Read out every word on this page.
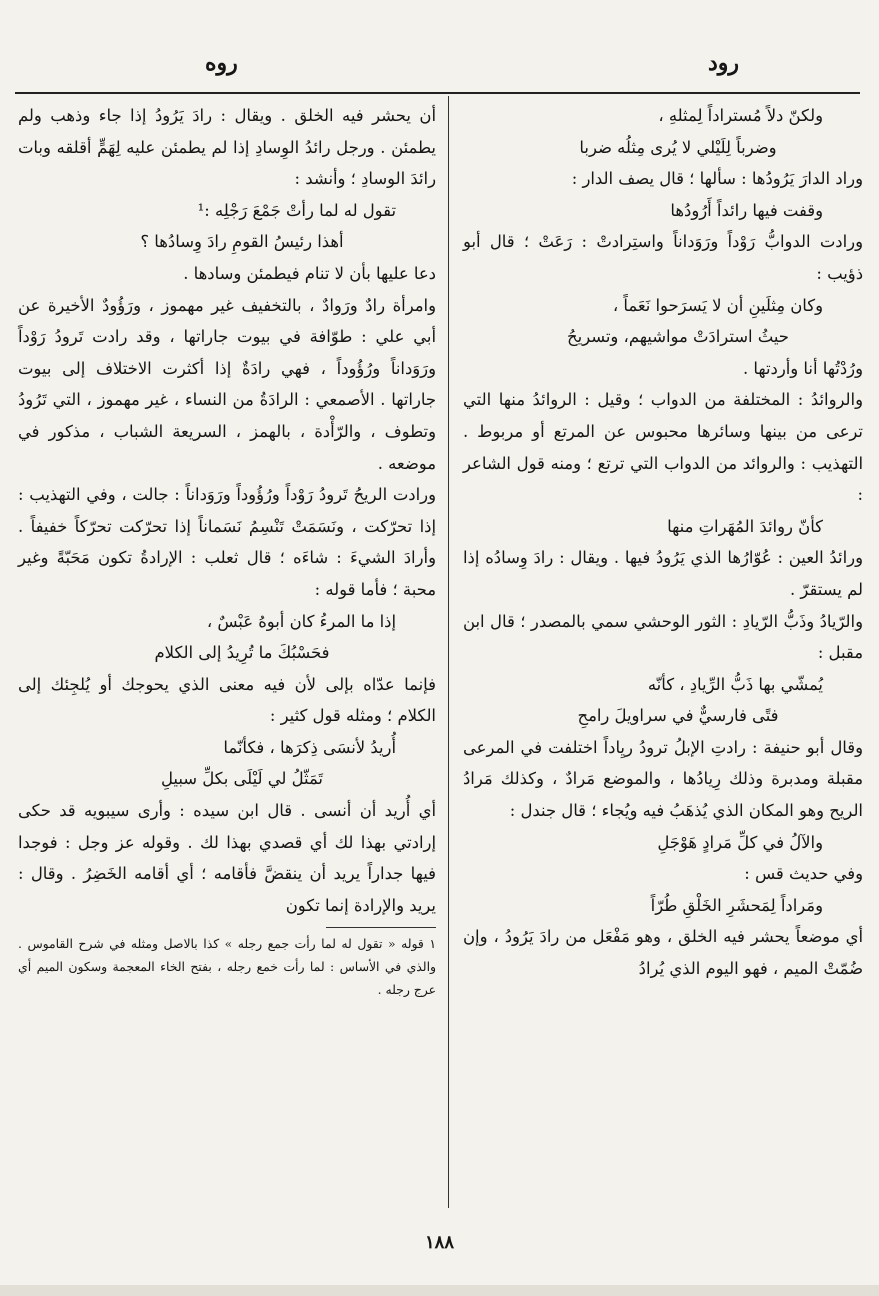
رود
روه

ولكنّ دلاً مُستراداً لِمثلهِ ،

وضرباً لِلَيْلي لا يُرى مِثلُه ضربا

وراد الدارَ يَرُودُها : سألها ؛ قال يصف الدار :

وقفت فيها رائداً أَرُودُها

ورادت الدوابُّ رَوْداً ورَوَداناً واستِرادتْ : رَعَتْ ؛ قال أبو ذؤيب :

وكان مِثلَينِ أن لا يَسرَحوا نَعَماً ،

حيثُ استرادَتْ مواشيهم، وتسريحُ

ورُدْتُها أنا وأردتها .

والروائدُ : المختلفة من الدواب ؛ وقيل : الروائدُ منها التي ترعى من بينها وسائرها محبوس عن المرتع أو مربوط . التهذيب : والروائد من الدواب التي ترتع ؛ ومنه قول الشاعر :

كأنّ روائدَ المُهَراتِ منها

ورائدُ العين : عُوّارُها الذي يَرُودُ فيها . ويقال : رادَ وِسادُه إذا لم يستقرّ .

والرّيادُ وذَبُّ الرّيادِ : الثور الوحشي سمي بالمصدر ؛ قال ابن مقبل :

يُمشّي بها ذَبُّ الرِّيادِ ، كأنّه

فتًى فارسيٌّ في سراويلَ رامحِ

وقال أبو حنيفة : رادتِ الإبلُ ترودُ ريِاداً اختلفت في المرعى مقبلة ومدبرة وذلك رِيادُها ، والموضع مَرادٌ ، وكذلك مَرادُ الريح وهو المكان الذي يُذهَبُ فيه ويُجاء ؛ قال جندل :

والآلُ في كلِّ مَرادٍ هَوْجَلِ

وفي حديث قس :

ومَراداً لِمَحشَرِ الخَلْقِ طُرّاً

أي موضعاً يحشر فيه الخلق ، وهو مَفْعَل من رادَ يَرُودُ ، وإن ضُمّتْ الميم ، فهو اليوم الذي يُرادُ

أن يحشر فيه الخلق . ويقال : رادَ يَرُودُ إذا جاء وذهب ولم يطمئن . ورجل رائدُ الوِسادِ إذا لم يطمئن عليه لِهَمٍّ أقلقه وبات رائدَ الوسادِ ؛ وأنشد :

تقول له لما رأتْ جَمْعَ رَجْلِه :¹

أهذا رئيسُ القومِ رادَ وِسادُها ؟

دعا عليها بأن لا تنام فيطمئن وسادها .

وامرأة رادٌ ورَوادٌ ، بالتخفيف غير مهموز ، ورَؤُودٌ الأخيرة عن أبي علي : طوّافة في بيوت جاراتها ، وقد رادت تَرودُ رَوْداً ورَوَداناً ورُؤُوداً ، فهي رادَةٌ إذا أكثرت الاختلاف إلى بيوت جاراتها . الأصمعي : الرادَةُ من النساء ، غير مهموز ، التي تَرُودُ وتطوف ، والرّأْدة ، بالهمز ، السريعة الشباب ، مذكور في موضعه .

ورادت الريحُ تَرودُ رَوْداً ورُؤُوداً ورَوَداناً : جالت ، وفي التهذيب : إذا تحرّكت ، ونَسَمَتْ تَنْسِمُ نَسَماناً إذا تحرّكت تحرّكاً خفيفاً . وأرادَ الشيءَ : شاءَه ؛ قال ثعلب : الإرادةُ تكون مَحَبّةً وغير محبة ؛ فأما قوله :

إذا ما المرءُ كان أبوهُ عَبْسٌ ،

فحَسْبُكَ ما تُرِيدُ إلى الكلام

فإنما عدّاه بإلى لأن فيه معنى الذي يحوجك أو يُلجِئك إلى الكلام ؛ ومثله قول كثير :

أُريدُ لأنسَى ذِكرَها ، فكأنّما

تَمَثّلُ لي لَيْلَى بكلِّ سبيلِ

أي أُريد أن أنسى . قال ابن سيده : وأرى سيبويه قد حكى إرادتي بهذا لك أي قصدي بهذا لك . وقوله عز وجل : فوجدا فيها جداراً يريد أن ينقضَّ فأقامه ؛ أي أقامه الخَضِرُ . وقال : يريد والإرادة إنما تكون

١ قوله « تقول له لما رأت جمع رجله » كذا بالاصل ومثله في شرح القاموس . والذي في الأساس : لما رأت خمع رجله ، بفتح الخاء المعجمة وسكون الميم أي عرج رجله .

١٨٨
